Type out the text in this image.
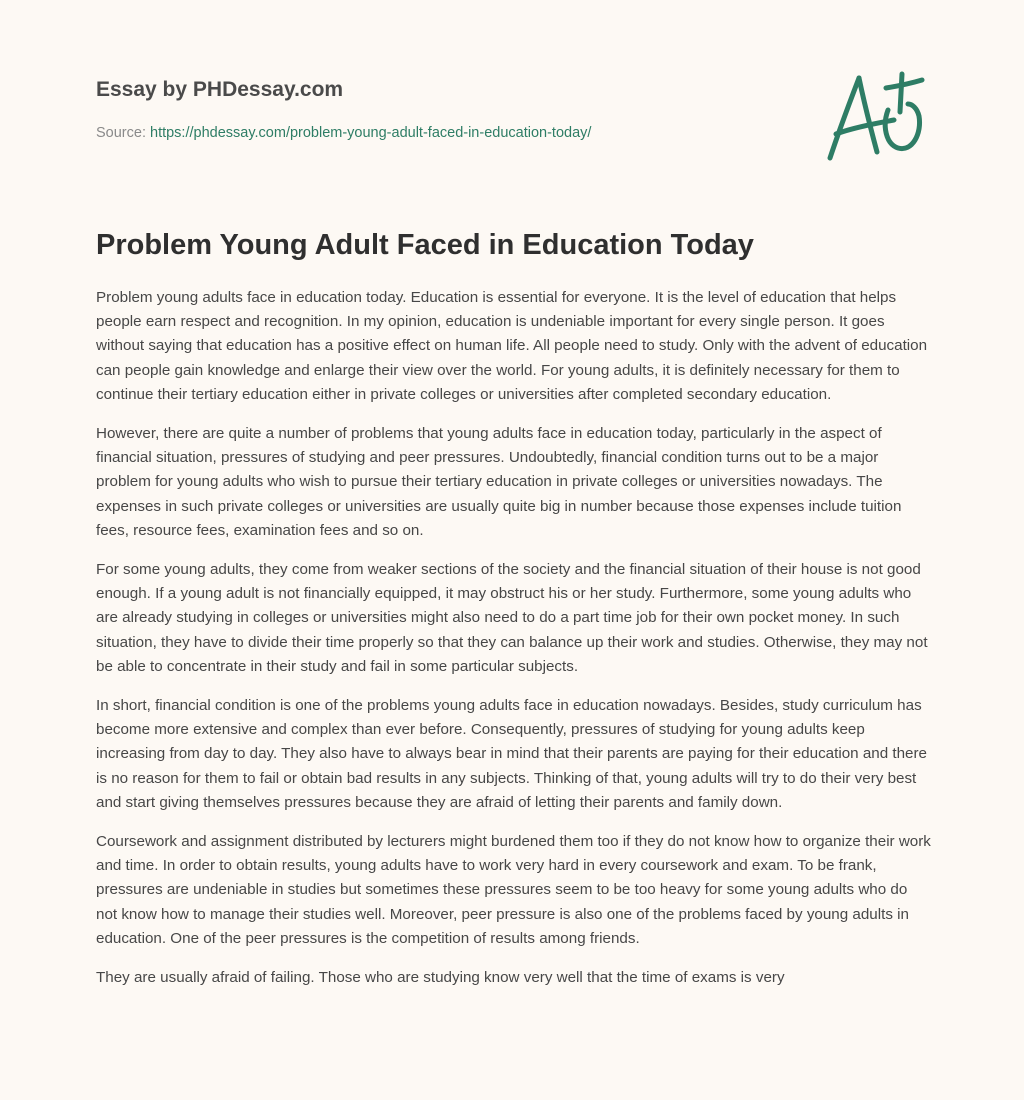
Essay by PHDessay.com
Source: https://phdessay.com/problem-young-adult-faced-in-education-today/
Problem Young Adult Faced in Education Today

Problem young adults face in education today. Education is essential for everyone. It is the level of education that helps people earn respect and recognition. In my opinion, education is undeniable important for every single person. It goes without saying that education has a positive effect on human life. All people need to study. Only with the advent of education can people gain knowledge and enlarge their view over the world. For young adults, it is definitely necessary for them to continue their tertiary education either in private colleges or universities after completed secondary education.

However, there are quite a number of problems that young adults face in education today, particularly in the aspect of financial situation, pressures of studying and peer pressures. Undoubtedly, financial condition turns out to be a major problem for young adults who wish to pursue their tertiary education in private colleges or universities nowadays. The expenses in such private colleges or universities are usually quite big in number because those expenses include tuition fees, resource fees, examination fees and so on.

For some young adults, they come from weaker sections of the society and the financial situation of their house is not good enough. If a young adult is not financially equipped, it may obstruct his or her study. Furthermore, some young adults who are already studying in colleges or universities might also need to do a part time job for their own pocket money. In such situation, they have to divide their time properly so that they can balance up their work and studies. Otherwise, they may not be able to concentrate in their study and fail in some particular subjects.

In short, financial condition is one of the problems young adults face in education nowadays. Besides, study curriculum has become more extensive and complex than ever before. Consequently, pressures of studying for young adults keep increasing from day to day. They also have to always bear in mind that their parents are paying for their education and there is no reason for them to fail or obtain bad results in any subjects. Thinking of that, young adults will try to do their very best and start giving themselves pressures because they are afraid of letting their parents and family down.

Coursework and assignment distributed by lecturers might burdened them too if they do not know how to organize their work and time. In order to obtain results, young adults have to work very hard in every coursework and exam. To be frank, pressures are undeniable in studies but sometimes these pressures seem to be too heavy for some young adults who do not know how to manage their studies well. Moreover, peer pressure is also one of the problems faced by young adults in education. One of the peer pressures is the competition of results among friends.

They are usually afraid of failing. Those who are studying know very well that the time of exams is very
